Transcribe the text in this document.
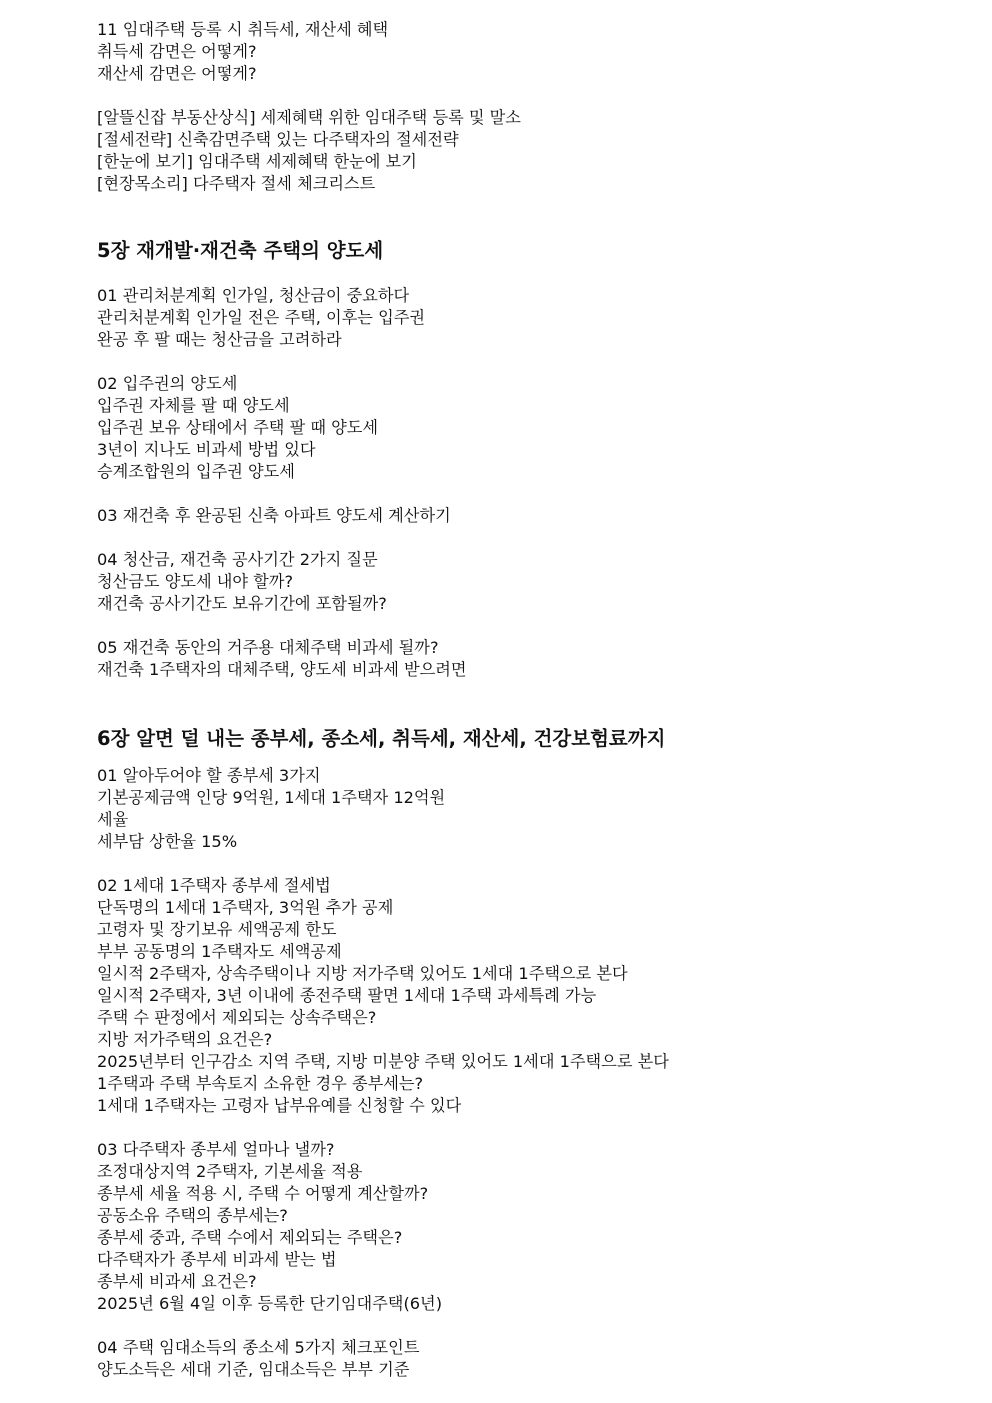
11 임대주택 등록 시 취득세, 재산세 혜택
취득세 감면은 어떻게?
재산세 감면은 어떻게?
[알뜰신잡 부동산상식] 세제혜택 위한 임대주택 등록 및 말소
[절세전략] 신축감면주택 있는 다주택자의 절세전략
[한눈에 보기] 임대주택 세제혜택 한눈에 보기
[현장목소리] 다주택자 절세 체크리스트
5장 재개발·재건축 주택의 양도세
01 관리처분계획 인가일, 청산금이 중요하다
관리처분계획 인가일 전은 주택, 이후는 입주권
완공 후 팔 때는 청산금을 고려하라
02 입주권의 양도세
입주권 자체를 팔 때 양도세
입주권 보유 상태에서 주택 팔 때 양도세
3년이 지나도 비과세 방법 있다
승계조합원의 입주권 양도세
03 재건축 후 완공된 신축 아파트 양도세 계산하기
04 청산금, 재건축 공사기간 2가지 질문
청산금도 양도세 내야 할까?
재건축 공사기간도 보유기간에 포함될까?
05 재건축 동안의 거주용 대체주택 비과세 될까?
재건축 1주택자의 대체주택, 양도세 비과세 받으려면
6장 알면 덜 내는 종부세, 종소세, 취득세, 재산세, 건강보험료까지
01 알아두어야 할 종부세 3가지
기본공제금액 인당 9억원, 1세대 1주택자 12억원
세율
세부담 상한율 15%
02 1세대 1주택자 종부세 절세법
단독명의 1세대 1주택자, 3억원 추가 공제
고령자 및 장기보유 세액공제 한도
부부 공동명의 1주택자도 세액공제
일시적 2주택자, 상속주택이나 지방 저가주택 있어도 1세대 1주택으로 본다
일시적 2주택자, 3년 이내에 종전주택 팔면 1세대 1주택 과세특례 가능
주택 수 판정에서 제외되는 상속주택은?
지방 저가주택의 요건은?
2025년부터 인구감소 지역 주택, 지방 미분양 주택 있어도 1세대 1주택으로 본다
1주택과 주택 부속토지 소유한 경우 종부세는?
1세대 1주택자는 고령자 납부유예를 신청할 수 있다
03 다주택자 종부세 얼마나 낼까?
조정대상지역 2주택자, 기본세율 적용
종부세 세율 적용 시, 주택 수 어떻게 계산할까?
공동소유 주택의 종부세는?
종부세 중과, 주택 수에서 제외되는 주택은?
다주택자가 종부세 비과세 받는 법
종부세 비과세 요건은?
2025년 6월 4일 이후 등록한 단기임대주택(6년)
04 주택 임대소득의 종소세 5가지 체크포인트
양도소득은 세대 기준, 임대소득은 부부 기준
